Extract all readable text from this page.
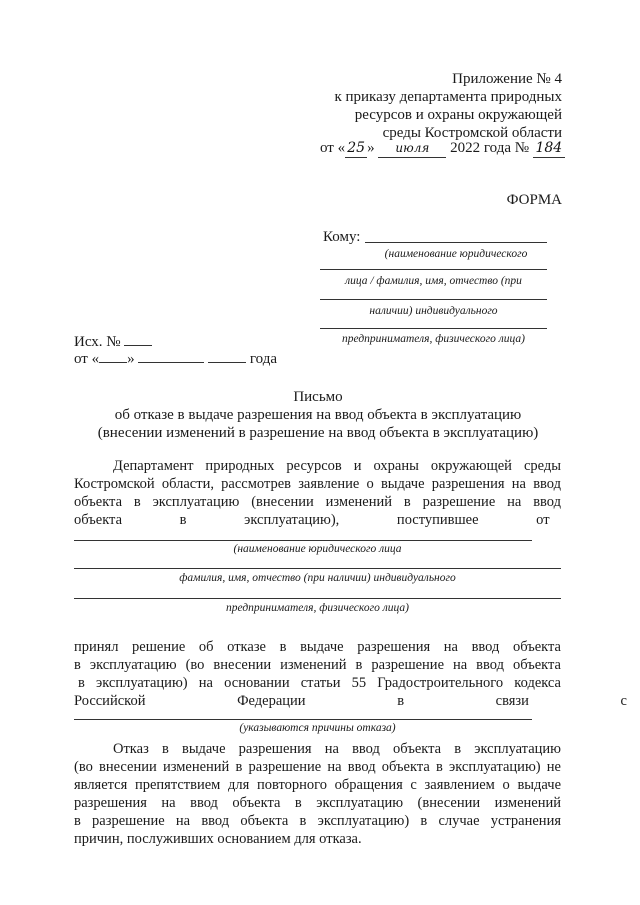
Приложение № 4
к приказу департамента природных
ресурсов и охраны окружающей
среды Костромской области
от « 25 » июля 2022 года № 184
ФОРМА
Кому:
(наименование юридического
лица / фамилия, имя, отчество (при
наличии) индивидуального
предпринимателя, физического лица)
Исх. №
от « »	года
Письмо
об отказе в выдаче разрешения на ввод объекта в эксплуатацию
(внесении изменений в разрешение на ввод объекта в эксплуатацию)
Департамент природных ресурсов и охраны окружающей среды
Костромской области, рассмотрев заявление о выдаче разрешения на ввод
объекта в эксплуатацию (внесении изменений в разрешение на ввод
объекта в эксплуатацию), поступившее от
(наименование юридического лица
фамилия, имя, отчество (при наличии) индивидуального
предпринимателя, физического лица)
принял решение об отказе в выдаче разрешения на ввод объекта
в эксплуатацию (во внесении изменений в разрешение на ввод объекта
в эксплуатацию) на основании статьи 55 Градостроительного кодекса
Российской Федерации в связи с
(указываются причины отказа)
Отказ в выдаче разрешения на ввод объекта в эксплуатацию
(во внесении изменений в разрешение на ввод объекта в эксплуатацию) не
является препятствием для повторного обращения с заявлением о выдаче
разрешения на ввод объекта в эксплуатацию (внесении изменений
в разрешение на ввод объекта в эксплуатацию) в случае устранения
причин, послуживших основанием для отказа.
